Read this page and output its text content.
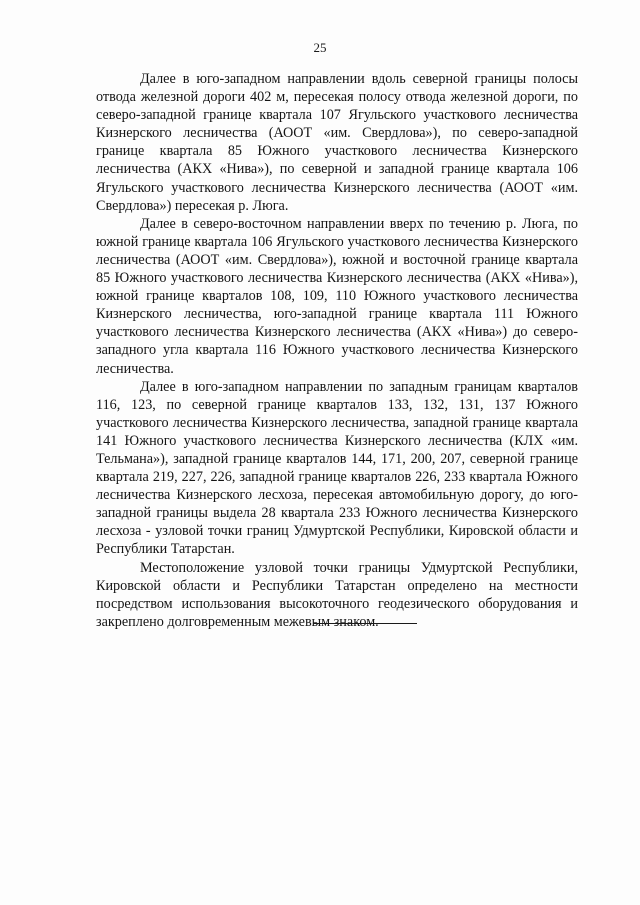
25

Далее в юго-западном направлении вдоль северной границы полосы отвода железной дороги 402 м, пересекая полосу отвода железной дороги, по северо-западной границе квартала 107 Ягульского участкового лесничества Кизнерского лесничества (АООТ «им. Свердлова»), по северо-западной границе квартала 85 Южного участкового лесничества Кизнерского лесничества (АКХ «Нива»), по северной и западной границе квартала 106 Ягульского участкового лесничества Кизнерского лесничества (АООТ «им. Свердлова») пересекая р. Люга.

Далее в северо-восточном направлении вверх по течению р. Люга, по южной границе квартала 106 Ягульского участкового лесничества Кизнерского лесничества (АООТ «им. Свердлова»), южной и восточной границе квартала 85 Южного участкового лесничества Кизнерского лесничества (АКХ «Нива»), южной границе кварталов 108, 109, 110 Южного участкового лесничества Кизнерского лесничества, юго-западной границе квартала 111 Южного участкового лесничества Кизнерского лесничества (АКХ «Нива») до северо-западного угла квартала 116 Южного участкового лесничества Кизнерского лесничества.

Далее в юго-западном направлении по западным границам кварталов 116, 123, по северной границе кварталов 133, 132, 131, 137 Южного участкового лесничества Кизнерского лесничества, западной границе квартала 141 Южного участкового лесничества Кизнерского лесничества (КЛХ «им. Тельмана»), западной границе кварталов 144, 171, 200, 207, северной границе квартала 219, 227, 226, западной границе кварталов 226, 233 квартала Южного лесничества Кизнерского лесхоза, пересекая автомобильную дорогу, до юго-западной границы выдела 28 квартала 233 Южного лесничества Кизнерского лесхоза - узловой точки границ Удмуртской Республики, Кировской области и Республики Татарстан.

Местоположение узловой точки границы Удмуртской Республики, Кировской области и Республики Татарстан определено на местности посредством использования высокоточного геодезического оборудования и закреплено долговременным межевым знаком.
